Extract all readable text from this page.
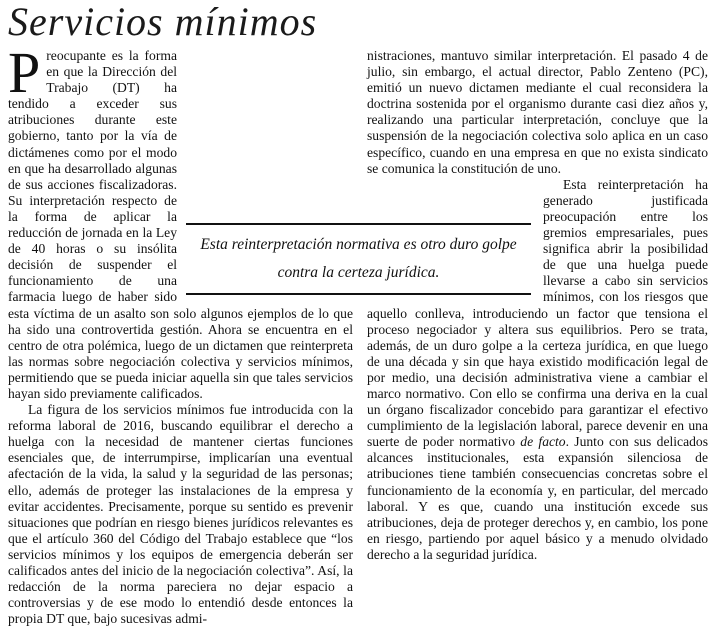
Servicios mínimos

P reocupante es la forma en que la Dirección del Trabajo (DT) ha tendido a exceder sus atribuciones durante este gobierno, tanto por la vía de dictámenes como por el modo en que ha desarrollado algunas de sus acciones fiscalizadoras. Su interpretación respecto de la forma de aplicar la reducción de jornada en la Ley de 40 horas o su insólita decisión de suspender el funcionamiento de una farmacia luego de haber sido esta víctima de un asalto son solo algunos ejemplos de lo que ha sido una controvertida gestión. Ahora se encuentra en el centro de otra polémica, luego de un dictamen que reinterpreta las normas sobre negociación colectiva y servicios mínimos, permitiendo que se pueda iniciar aquella sin que tales servicios hayan sido previamente calificados.

La figura de los servicios mínimos fue introducida con la reforma laboral de 2016, buscando equilibrar el derecho a huelga con la necesidad de mantener ciertas funciones esenciales que, de interrumpirse, implicarían una eventual afectación de la vida, la salud y la seguridad de las personas; ello, además de proteger las instalaciones de la empresa y evitar accidentes. Precisamente, porque su sentido es prevenir situaciones que podrían en riesgo bienes jurídicos relevantes es que el artículo 360 del Código del Trabajo establece que “los servicios mínimos y los equipos de emergencia deberán ser calificados antes del inicio de la negociación colectiva”. Así, la redacción de la norma pareciera no dejar espacio a controversias y de ese modo lo entendió desde entonces la propia DT que, bajo sucesivas admi-

nistraciones, mantuvo similar interpretación. El pasado 4 de julio, sin embargo, el actual director, Pablo Zenteno (PC), emitió un nuevo dictamen mediante el cual reconsidera la doctrina sostenida por el organismo durante casi diez años y, realizando una particular interpretación, concluye que la suspensión de la negociación colectiva solo aplica en un caso específico, cuando en una empresa en que no exista sindicato se comunica la constitución de uno.

Esta reinterpretación ha generado justificada preocupación entre los gremios empresariales, pues significa abrir la posibilidad de que una huelga puede llevarse a cabo sin servicios mínimos, con los riesgos que aquello conlleva, introduciendo un factor que tensiona el proceso negociador y altera sus equilibrios. Pero se trata, además, de un duro golpe a la certeza jurídica, en que luego de una década y sin que haya existido modificación legal de por medio, una decisión administrativa viene a cambiar el marco normativo. Con ello se confirma una deriva en la cual un órgano fiscalizador concebido para garantizar el efectivo cumplimiento de la legislación laboral, parece devenir en una suerte de poder normativo de facto. Junto con sus delicados alcances institucionales, esta expansión silenciosa de atribuciones tiene también consecuencias concretas sobre el funcionamiento de la economía y, en particular, del mercado laboral. Y es que, cuando una institución excede sus atribuciones, deja de proteger derechos y, en cambio, los pone en riesgo, partiendo por aquel básico y a menudo olvidado derecho a la seguridad jurídica.

Esta reinterpretación normativa es otro duro golpe contra la certeza jurídica.
